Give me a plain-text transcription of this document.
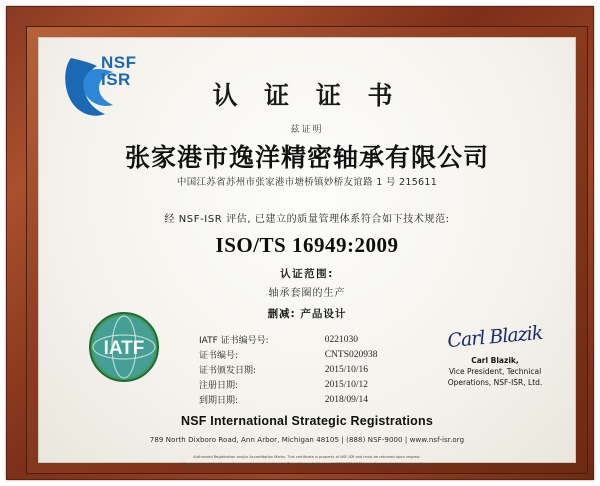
NSF
ISR
IATF
认 证 证 书
兹证明
张家港市逸洋精密轴承有限公司
中国江苏省苏州市张家港市塘桥镇妙桥友谊路 1 号 215611
经 NSF-ISR 评估, 已建立的质量管理体系符合如下技术规范:
ISO/TS 16949:2009
认证范围:
轴承套圈的生产
删减: 产品设计
IATF 证书编号号:	0221030
证书编号:	CNTS020938
证书颁发日期:	2015/10/16
注册日期:	2015/10/12
到期日期:	2018/09/14
Carl Blazik
Carl Blazik,
Vice President, Technical
Operations, NSF-ISR, Ltd.
NSF International Strategic Registrations
789 North Dixboro Road, Ann Arbor, Michigan 48105 | (888) NSF-9000 | www.nsf-isr.org
Authorized Registration and/or Accreditation Marks. This certificate is property of NSF-ISR and must be returned upon request.
*Company is audited for conformance at regular intervals. To verify registrations call (888) NSF-9000 or visit our web site at www.nsf-isr.org
